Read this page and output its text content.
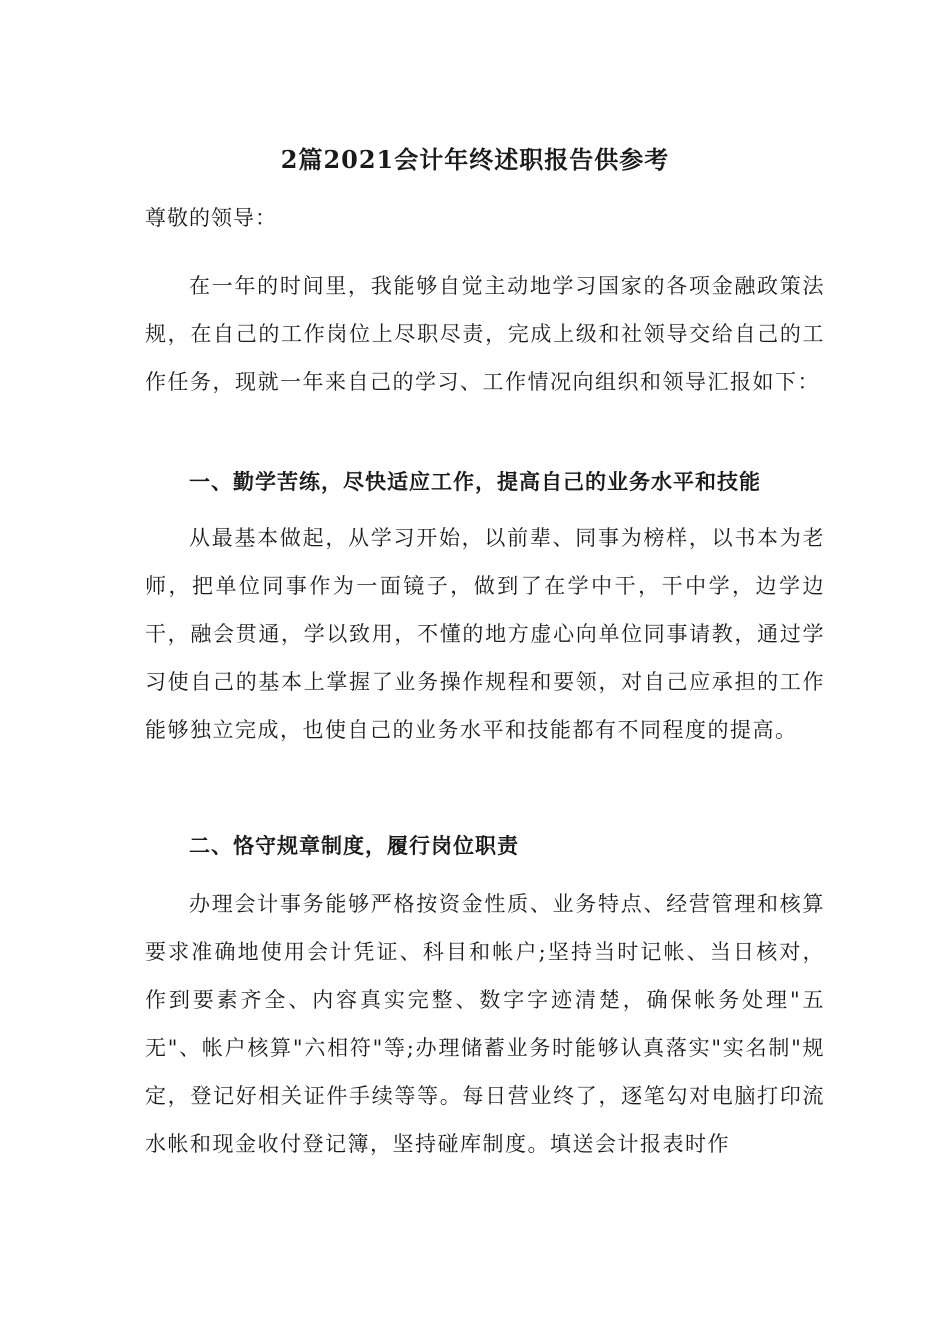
2篇2021会计年终述职报告供参考
尊敬的领导：
在一年的时间里，我能够自觉主动地学习国家的各项金融政策法规，在自己的工作岗位上尽职尽责，完成上级和社领导交给自己的工作任务，现就一年来自己的学习、工作情况向组织和领导汇报如下：
一、勤学苦练，尽快适应工作，提高自己的业务水平和技能
从最基本做起，从学习开始，以前辈、同事为榜样，以书本为老师，把单位同事作为一面镜子，做到了在学中干，干中学，边学边干，融会贯通，学以致用，不懂的地方虚心向单位同事请教，通过学习使自己的基本上掌握了业务操作规程和要领，对自己应承担的工作能够独立完成，也使自己的业务水平和技能都有不同程度的提高。
二、恪守规章制度，履行岗位职责
办理会计事务能够严格按资金性质、业务特点、经营管理和核算要求准确地使用会计凭证、科目和帐户;坚持当时记帐、当日核对，作到要素齐全、内容真实完整、数字字迹清楚，确保帐务处理"五无"、帐户核算"六相符"等;办理储蓄业务时能够认真落实"实名制"规定，登记好相关证件手续等等。每日营业终了，逐笔勾对电脑打印流水帐和现金收付登记簿，坚持碰库制度。填送会计报表时作
